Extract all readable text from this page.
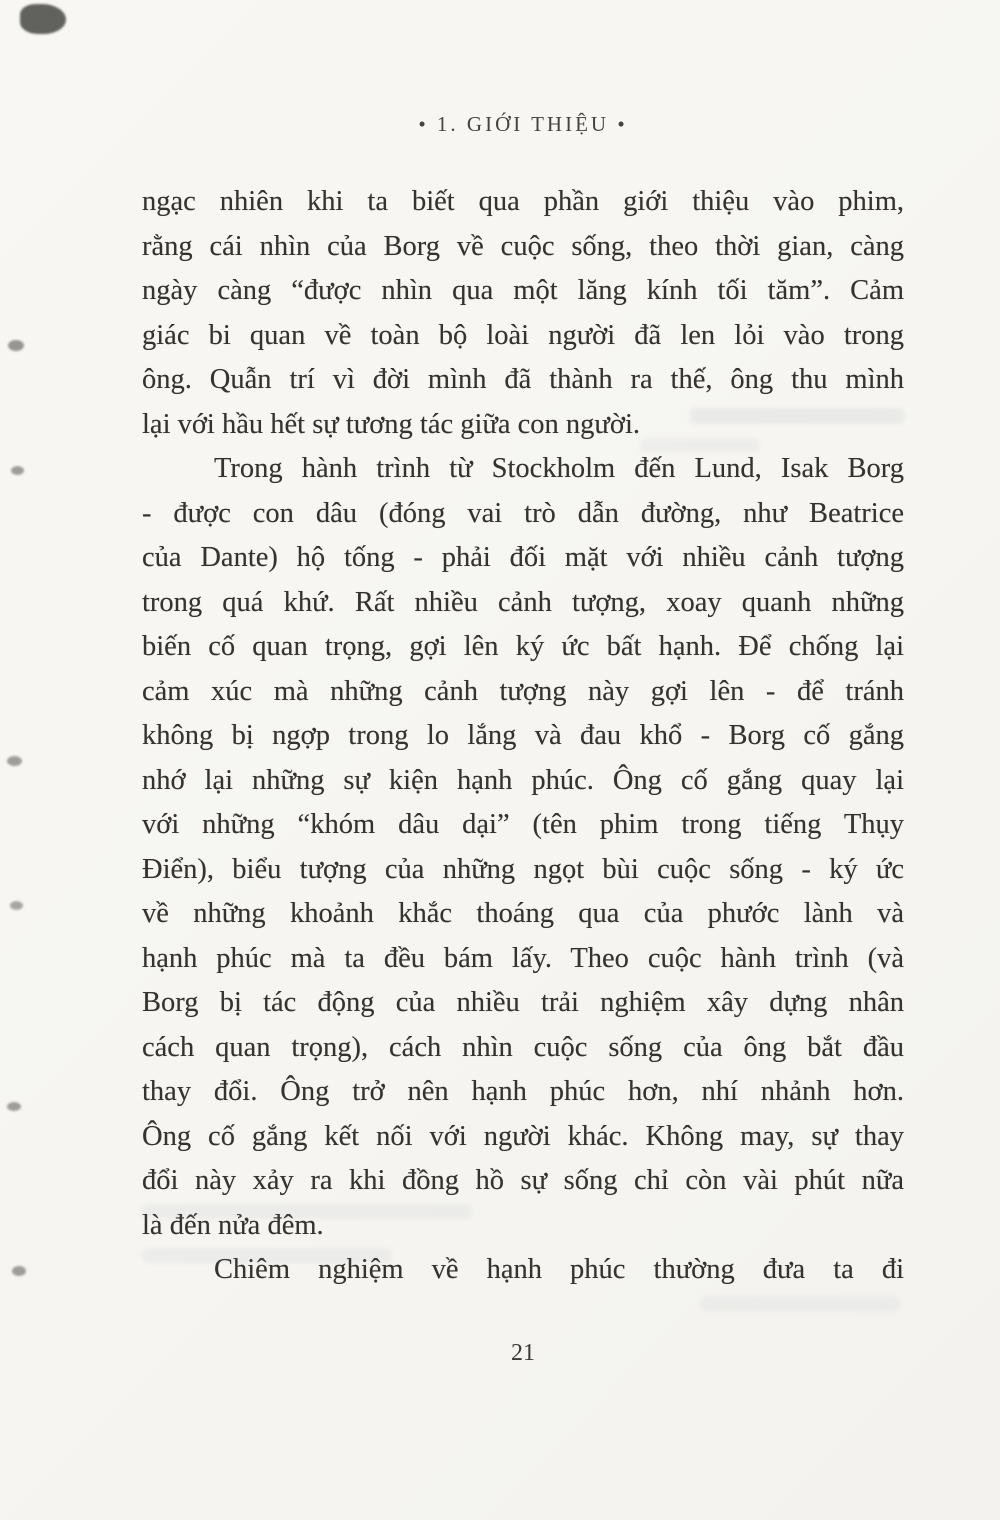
• 1. GIỚI THIỆU •
ngạc nhiên khi ta biết qua phần giới thiệu vào phim,
rằng cái nhìn của Borg về cuộc sống, theo thời gian, càng
ngày càng “được nhìn qua một lăng kính tối tăm”. Cảm
giác bi quan về toàn bộ loài người đã len lỏi vào trong
ông. Quẫn trí vì đời mình đã thành ra thế, ông thu mình
lại với hầu hết sự tương tác giữa con người.
Trong hành trình từ Stockholm đến Lund, Isak Borg
- được con dâu (đóng vai trò dẫn đường, như Beatrice
của Dante) hộ tống - phải đối mặt với nhiều cảnh tượng
trong quá khứ. Rất nhiều cảnh tượng, xoay quanh những
biến cố quan trọng, gợi lên ký ức bất hạnh. Để chống lại
cảm xúc mà những cảnh tượng này gợi lên - để tránh
không bị ngợp trong lo lắng và đau khổ - Borg cố gắng
nhớ lại những sự kiện hạnh phúc. Ông cố gắng quay lại
với những “khóm dâu dại” (tên phim trong tiếng Thụy
Điển), biểu tượng của những ngọt bùi cuộc sống - ký ức
về những khoảnh khắc thoáng qua của phước lành và
hạnh phúc mà ta đều bám lấy. Theo cuộc hành trình (và
Borg bị tác động của nhiều trải nghiệm xây dựng nhân
cách quan trọng), cách nhìn cuộc sống của ông bắt đầu
thay đổi. Ông trở nên hạnh phúc hơn, nhí nhảnh hơn.
Ông cố gắng kết nối với người khác. Không may, sự thay
đổi này xảy ra khi đồng hồ sự sống chỉ còn vài phút nữa
là đến nửa đêm.
Chiêm nghiệm về hạnh phúc thường đưa ta đi
21
